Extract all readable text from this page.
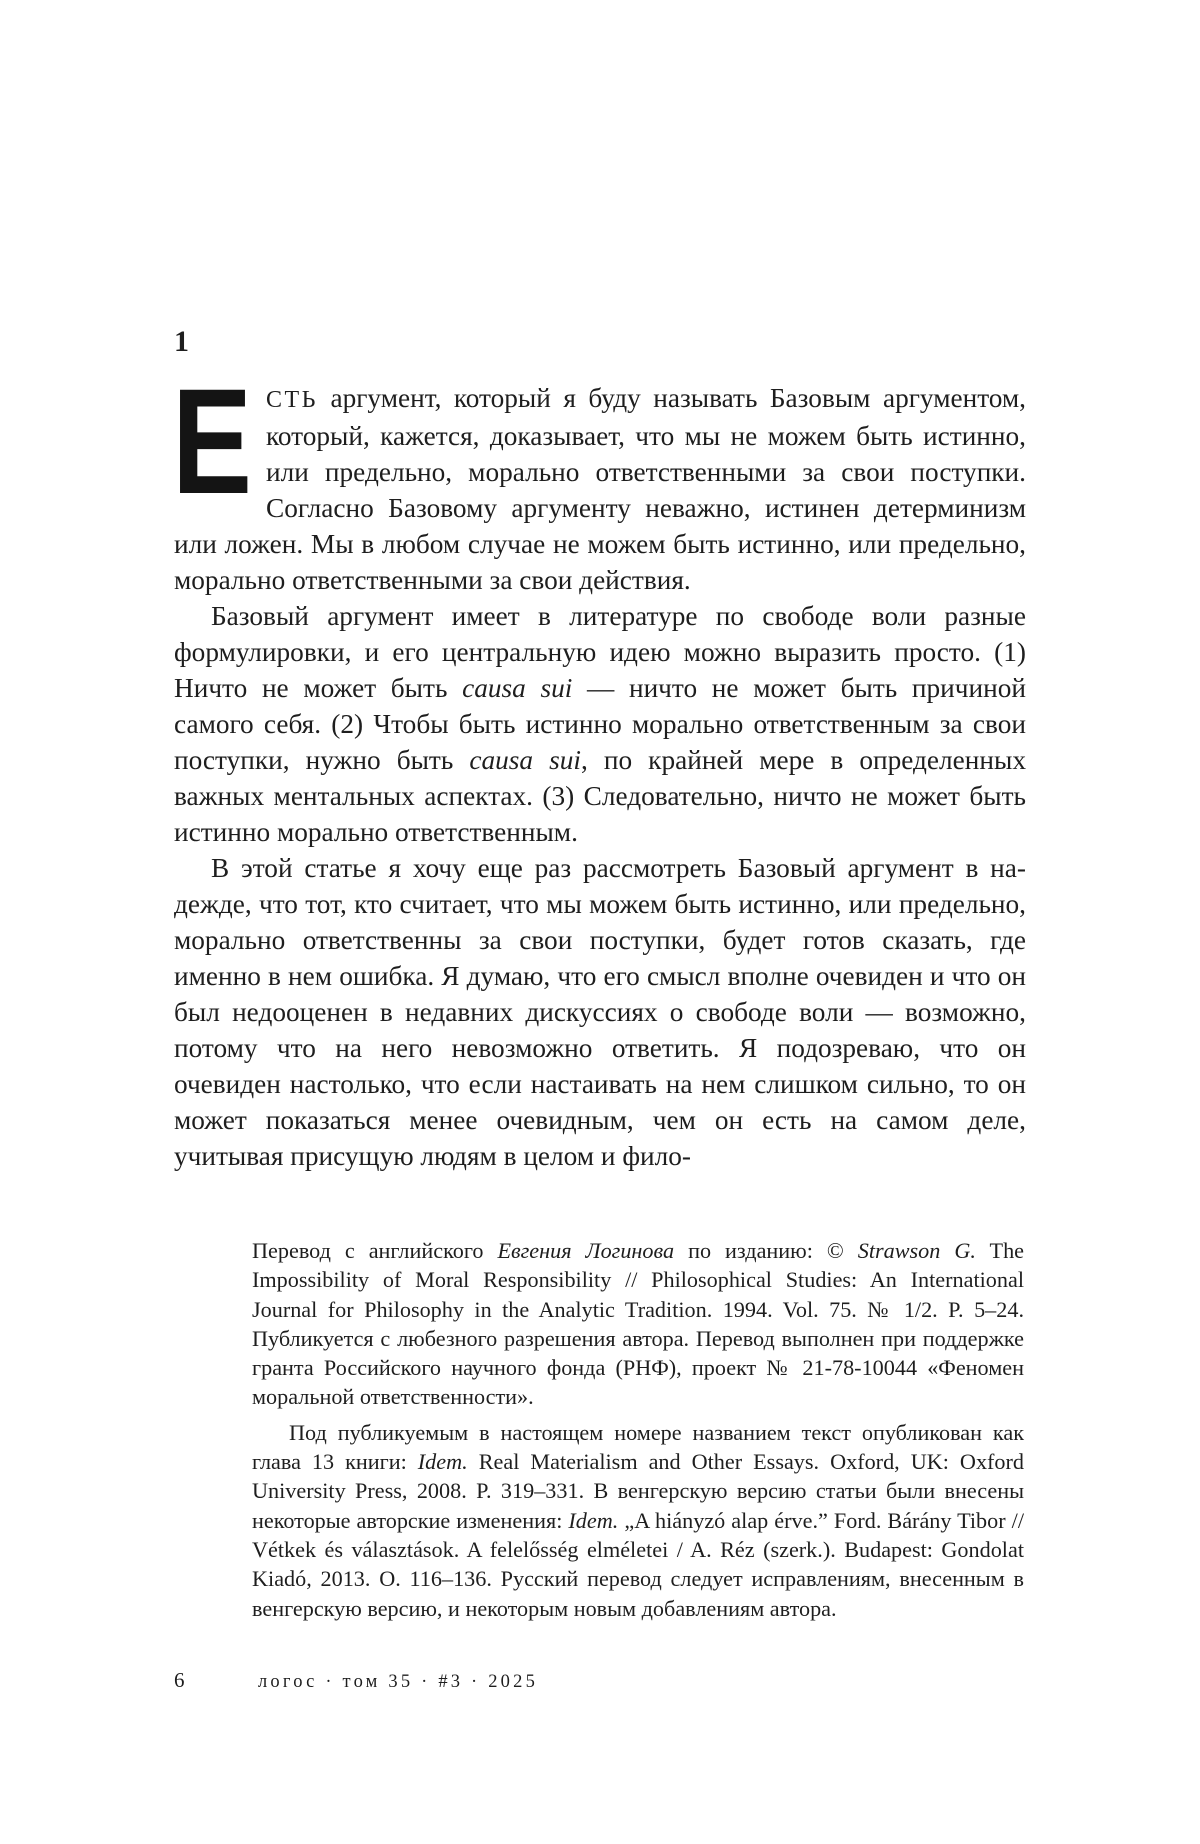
1

ЕСТЬ аргумент, который я буду называть Базовым аргументом, который, кажется, доказывает, что мы не можем быть истинно, или предельно, морально ответственными за свои поступки. Согласно Базовому аргументу неважно, истинен детерминизм или ложен. Мы в любом случае не можем быть истинно, или предельно, морально ответственными за свои действия.

Базовый аргумент имеет в литературе по свободе воли разные формулировки, и его центральную идею можно выразить просто. (1) Ничто не может быть causa sui — ничто не может быть причиной самого себя. (2) Чтобы быть истинно морально ответственным за свои поступки, нужно быть causa sui, по крайней мере в определенных важных ментальных аспектах. (3) Следовательно, ничто не может быть истинно морально ответственным.

В этой статье я хочу еще раз рассмотреть Базовый аргумент в надежде, что тот, кто считает, что мы можем быть истинно, или предельно, морально ответственны за свои поступки, будет готов сказать, где именно в нем ошибка. Я думаю, что его смысл вполне очевиден и что он был недооценен в недавних дискуссиях о свободе воли — возможно, потому что на него невозможно ответить. Я подозреваю, что он очевиден настолько, что если настаивать на нем слишком сильно, то он может показаться менее очевидным, чем он есть на самом деле, учитывая присущую людям в целом и фило-

Перевод с английского Евгения Логинова по изданию: © Strawson G. The Impossibility of Moral Responsibility // Philosophical Studies: An International Journal for Philosophy in the Analytic Tradition. 1994. Vol. 75. № 1/2. P. 5–24. Публикуется с любезного разрешения автора. Перевод выполнен при поддержке гранта Российского научного фонда (РНФ), проект № 21-78-10044 «Феномен моральной ответственности».

Под публикуемым в настоящем номере названием текст опубликован как глава 13 книги: Idem. Real Materialism and Other Essays. Oxford, UK: Oxford University Press, 2008. P. 319–331. В венгерскую версию статьи были внесены некоторые авторские изменения: Idem. „A hiányzó alap érve.” Ford. Bárány Tibor // Vétkek és választások. A felelősség elméletei / A. Réz (szerk.). Budapest: Gondolat Kiadó, 2013. O. 116–136. Русский перевод следует исправлениям, внесенным в венгерскую версию, и некоторым новым добавлениям автора.

6	логос · том 35 · #3 · 2025
